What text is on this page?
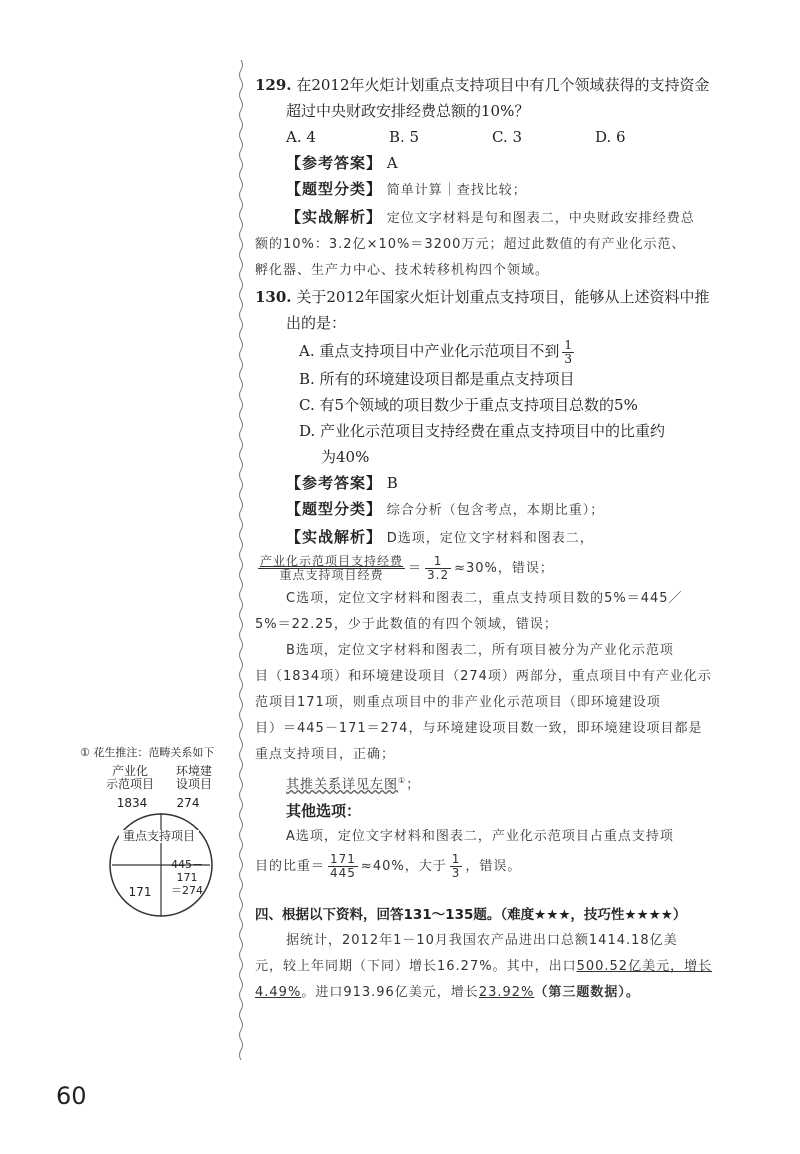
129. 在2012年火炬计划重点支持项目中有几个领域获得的支持资金
超过中央财政安排经费总额的10%？
A. 4	B. 5	C. 3	D. 6
【参考答案】 A
【题型分类】 简单计算｜查找比较；
【实战解析】 定位文字材料是句和图表二，中央财政安排经费总
额的10%：3.2亿×10%＝3200万元；超过此数值的有产业化示范、
孵化器、生产力中心、技术转移机构四个领域。
130. 关于2012年国家火炬计划重点支持项目，能够从上述资料中推
出的是：
A. 重点支持项目中产业化示范项目不到 $\frac{1}{3}$
B. 所有的环境建设项目都是重点支持项目
C. 有5个领域的项目数少于重点支持项目总数的5%
D. 产业化示范项目支持经费在重点支持项目中的比重约
为40%
【参考答案】 B
【题型分类】 综合分析（包含考点，本期比重）；
【实战解析】 D选项，定位文字材料和图表二，
$\frac{\text{产业化示范项目支持经费}}{\text{重点支持项目经费}} = \frac{1}{3.2} \approx 30\%$，错误；
C选项，定位文字材料和图表二，重点支持项目数的5%＝445／
5%＝22.25，少于此数值的有四个领域，错误；
B选项，定位文字材料和图表二，所有项目被分为产业化示范项
目（1834项）和环境建设项目（274项）两部分，重点项目中有产业化示
范项目171项，则重点项目中的非产业化示范项目（即环境建设项
目）＝445－171＝274，与环境建设项目数一致，即环境建设项目都是
重点支持项目，正确；
其推关系详见左图①；
其他选项：
A选项，定位文字材料和图表二，产业化示范项目占重点支持项
目的比重＝ $\frac{171}{445} \approx 40\%$，大于 $\frac{1}{3}$ ，错误。
四、根据以下资料，回答131～135题。（难度★★★，技巧性★★★★）
据统计，2012年1－10月我国农产品进出口总额1414.18亿美
元，较上年同期（下同）增长16.27%。其中，出口500.52亿美元，增长
4.49%。进口913.96亿美元，增长23.92%（第三题数据）。
① 花生推注：范畴关系如下
产业化
示范项目
环境建
设项目
1834	274
重点支持项目
171
445－171
＝274
60
